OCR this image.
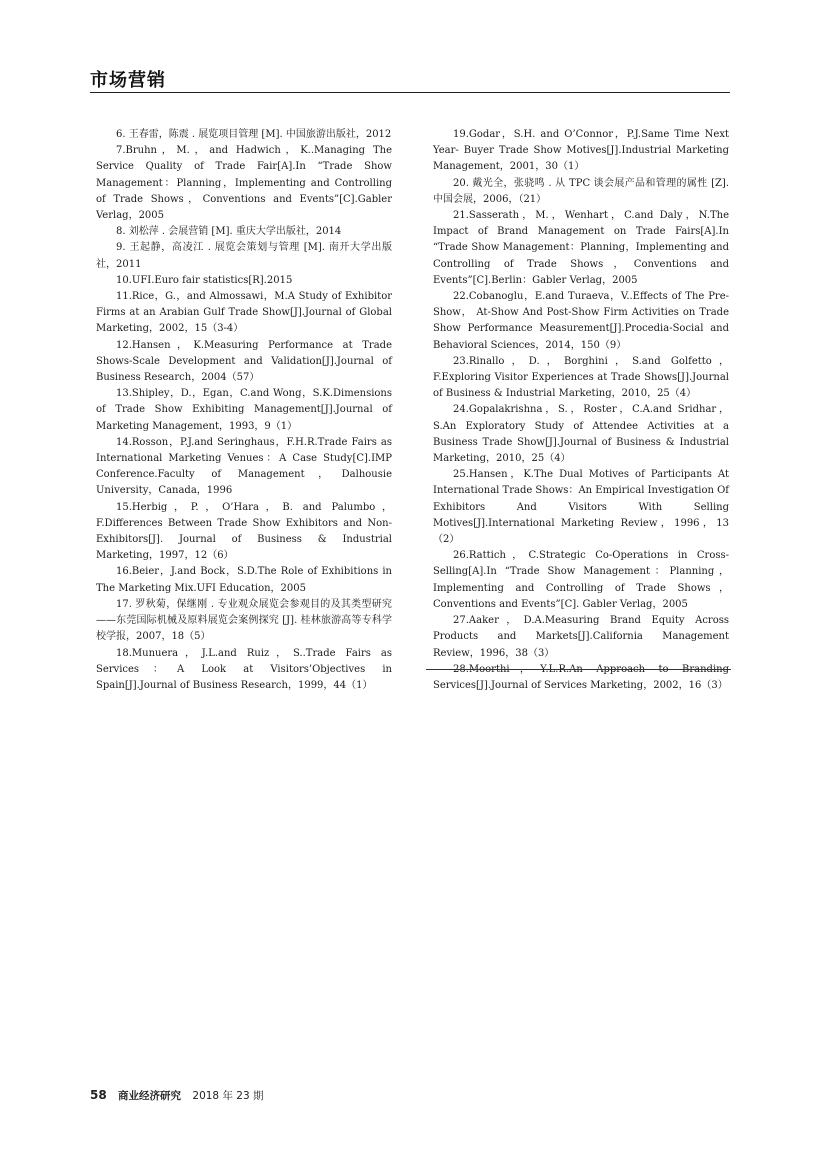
市场营销

6. 王春雷，陈震 . 展览项目管理 [M]. 中国旅游出版社，2012

7.Bruhn，M.，and Hadwich，K..Managing The Service Quality of Trade Fair[A].In “Trade Show Management：Planning，Implementing and Controlling of Trade Shows，Conventions and Events”[C].Gabler Verlag，2005

8. 刘松萍 . 会展营销 [M]. 重庆大学出版社，2014

9. 王起静，高凌江 . 展览会策划与管理 [M]. 南开大学出版社，2011

10.UFI.Euro fair statistics[R].2015

11.Rice，G.，and Almossawi，M.A Study of Exhibitor Firms at an Arabian Gulf Trade Show[J].Journal of Global Marketing，2002，15（3-4）

12.Hansen，K.Measuring Performance at Trade Shows-Scale Development and Validation[J].Journal of Business Research，2004（57）

13.Shipley，D.，Egan，C.and Wong，S.K.Dimensions of Trade Show Exhibiting Management[J].Journal of Marketing Management，1993，9（1）

14.Rosson，P.J.and Seringhaus，F.H.R.Trade Fairs as International Marketing Venues：A Case Study[C].IMP Conference.Faculty of Management，Dalhousie University，Canada，1996

15.Herbig，P.，O’Hara，B. and Palumbo，F.Differences Between Trade Show Exhibitors and Non-Exhibitors[J]. Journal of Business & Industrial Marketing，1997，12（6）

16.Beier，J.and Bock，S.D.The Role of Exhibitions in The Marketing Mix.UFI Education，2005

17. 罗秋菊，保继刚 . 专业观众展览会参观目的及其类型研究——东莞国际机械及原料展览会案例探究 [J]. 桂林旅游高等专科学校学报，2007，18（5）

18.Munuera，J.L.and Ruiz，S..Trade Fairs as Services：A Look at Visitors’Objectives in Spain[J].Journal of Business Research，1999，44（1）

19.Godar，S.H. and O’Connor，P.J.Same Time Next Year- Buyer Trade Show Motives[J].Industrial Marketing Management，2001，30（1）

20. 戴光全，张骁鸣 . 从 TPC 谈会展产品和管理的属性 [Z]. 中国会展，2006，（21）

21.Sasserath，M.，Wenhart，C.and Daly，N.The Impact of Brand Management on Trade Fairs[A].In “Trade Show Management：Planning，Implementing and Controlling of Trade Shows，Conventions and Events”[C].Berlin：Gabler Verlag，2005

22.Cobanoglu，E.and Turaeva，V..Effects of The Pre-Show， At-Show And Post-Show Firm Activities on Trade Show Performance Measurement[J].Procedia-Social and Behavioral Sciences，2014，150（9）

23.Rinallo，D.，Borghini，S.and Golfetto，F.Exploring Visitor Experiences at Trade Shows[J].Journal of Business & Industrial Marketing，2010，25（4）

24.Gopalakrishna，S.，Roster，C.A.and Sridhar，S.An Exploratory Study of Attendee Activities at a Business Trade Show[J].Journal of Business & Industrial Marketing，2010，25（4）

25.Hansen，K.The Dual Motives of Participants At International Trade Shows：An Empirical Investigation Of Exhibitors And Visitors With Selling Motives[J].International Marketing Review，1996，13（2）

26.Rattich，C.Strategic Co-Operations in Cross-Selling[A].In “Trade Show Management：Planning，Implementing and Controlling of Trade Shows，Conventions and Events”[C]. Gabler Verlag，2005

27.Aaker，D.A.Measuring Brand Equity Across Products and Markets[J].California Management Review，1996，38（3）

28.Moorthi，Y.L.R.An Approach to Branding Services[J].Journal of Services Marketing，2002，16（3）

58 商业经济研究 2018 年 23 期
